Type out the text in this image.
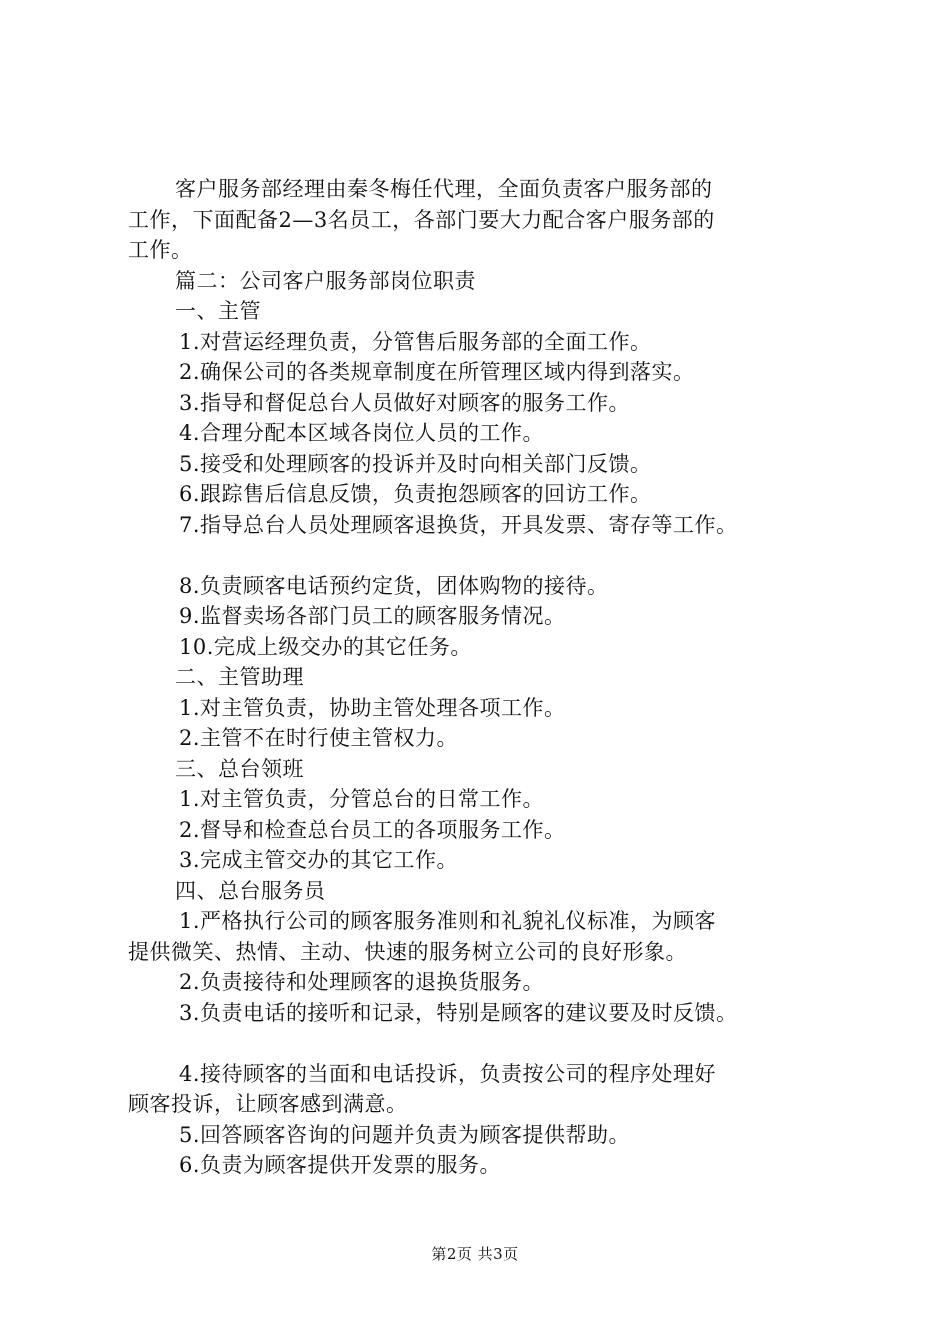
客户服务部经理由秦冬梅任代理，全面负责客户服务部的
工作，下面配备2—3名员工，各部门要大力配合客户服务部的
工作。
篇二：公司客户服务部岗位职责
一、主管
1.对营运经理负责，分管售后服务部的全面工作。
2.确保公司的各类规章制度在所管理区域内得到落实。
3.指导和督促总台人员做好对顾客的服务工作。
4.合理分配本区域各岗位人员的工作。
5.接受和处理顾客的投诉并及时向相关部门反馈。
6.跟踪售后信息反馈，负责抱怨顾客的回访工作。
7.指导总台人员处理顾客退换货，开具发票、寄存等工作。
8.负责顾客电话预约定货，团体购物的接待。
9.监督卖场各部门员工的顾客服务情况。
10.完成上级交办的其它任务。
二、主管助理
1.对主管负责，协助主管处理各项工作。
2.主管不在时行使主管权力。
三、总台领班
1.对主管负责，分管总台的日常工作。
2.督导和检查总台员工的各项服务工作。
3.完成主管交办的其它工作。
四、总台服务员
1.严格执行公司的顾客服务准则和礼貌礼仪标准，为顾客
提供微笑、热情、主动、快速的服务树立公司的良好形象。
2.负责接待和处理顾客的退换货服务。
3.负责电话的接听和记录，特别是顾客的建议要及时反馈。
4.接待顾客的当面和电话投诉，负责按公司的程序处理好
顾客投诉，让顾客感到满意。
5.回答顾客咨询的问题并负责为顾客提供帮助。
6.负责为顾客提供开发票的服务。
第2页 共3页
